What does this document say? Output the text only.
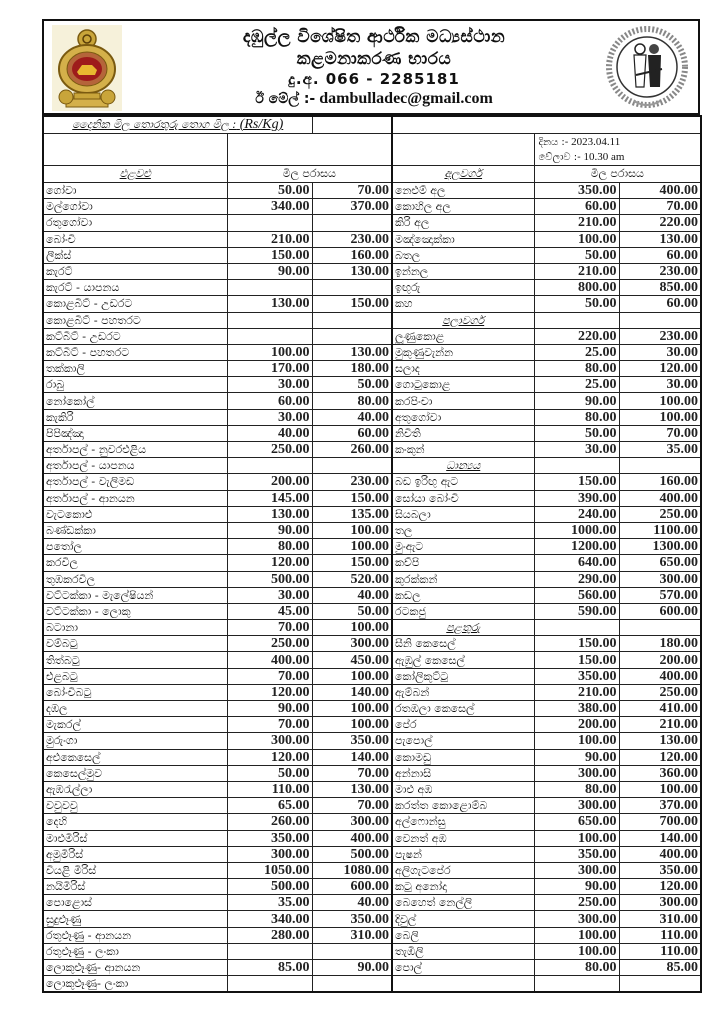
දඹුල්ල විශේෂිත ආර්ථික මධ්‍යස්ථාන
කළමනාකරණ භාරය
දු.අ. 066 - 2285181
ඊ මේල් :- dambulladec@gmail.com
දෛනික මිල තොරතුරු තොග මිල : (Rs/Kg)					

				දිනය :- 2023.04.11
වේලාව :- 10.30 am	

එළවළු	මිල පරාසය		අලවර්ග	මිල පරාසය	
ගෝවා	50.00	70.00	නෙළුම් අල	350.00	400.00
මල්ගෝවා	340.00	370.00	කොහිල අල	60.00	70.00
රතුගෝවා			කිරි අල	210.00	220.00
බෝංචි	210.00	230.00	මඤ්ඤොක්කා	100.00	130.00
ලීක්ස්	150.00	160.00	බතල	50.00	60.00
කැරට්	90.00	130.00	ඉන්නල	210.00	230.00
කැරට් - යාපනය			ඉඟුරු	800.00	850.00
කොළබිට් - උඩරට	130.00	150.00	කහ	50.00	60.00
කොළබිට් - පහතරට			පලාවර්ග		
කට්බීට් - උඩරට			ලූණුකොළ	220.00	230.00
කට්බීට් - පහතරට	100.00	130.00	මුකුණුවැන්න	25.00	30.00
තක්කාලි	170.00	180.00	සලාද	80.00	120.00
රාබු	30.00	50.00	ගොටුකොළ	25.00	30.00
නෝකෝල්	60.00	80.00	කරපිංචා	90.00	100.00
කැකිරි	30.00	40.00	අතුගෝවා	80.00	100.00
පිපිඤ්ඤා	40.00	60.00	නිවිති	50.00	70.00
අර්තාපල් - නුවරඑළිය	250.00	260.00	කංකුන්	30.00	35.00
අර්තාපල් - යාපනය			ධාන්‍යය		
අර්තාපල් - වැලිමඩ	200.00	230.00	බඩ ඉරිඟු ඇට	150.00	160.00
අර්තාපල් - ආනයන	145.00	150.00	සෝයා බෝංචි	390.00	400.00
වැටකොළු	130.00	135.00	සියබලා	240.00	250.00
බණ්ඩක්කා	90.00	100.00	තල	1000.00	1100.00
පතෝල	80.00	100.00	මුංඇට	1200.00	1300.00
කරවිල	120.00	150.00	කව්පි	640.00	650.00
තුඹකරවිල	500.00	520.00	කුරක්කන්	290.00	300.00
වට්ටක්කා - මැලේෂියන්	30.00	40.00	කඩල	560.00	570.00
වට්ටක්කා - ලොකු	45.00	50.00	රටකජු	590.00	600.00
බටානා	70.00	100.00	පළතුරු		
වම්බටු	250.00	300.00	සීනි කෙසෙල්	150.00	180.00
තිත්බටු	400.00	450.00	ඇඹුල් කෙසෙල්	150.00	200.00
එළබටු	70.00	100.00	කෝලිකුට්ටු	350.00	400.00
බෝංචිබටු	120.00	140.00	ඇම්බන්	210.00	250.00
දඹල	90.00	100.00	රතඹලා කෙසෙල්	380.00	410.00
මැකරල්	70.00	100.00	පේර	200.00	210.00
මුරුංගා	300.00	350.00	පැපොල්	100.00	130.00
අළුකෙසෙල්	120.00	140.00	කොමඩු	90.00	120.00
කෙසෙල්මුව	50.00	70.00	අන්නාසි	300.00	360.00
ඇඹරැල්ලා	110.00	130.00	මාළු අඹ	80.00	100.00
වවුවවු	65.00	70.00	කරත්ත කොළොම්බ	300.00	370.00
දෙහි	260.00	300.00	අල්ෆොන්සු	650.00	700.00
මාළුමිරිස්	350.00	400.00	වෙනත් අඹ	100.00	140.00
අමුමිරිස්	300.00	500.00	පැෂන්	350.00	400.00
වියළි මිරිස්	1050.00	1080.00	අලිගැටපේර	300.00	350.00
නයිමිරිස්	500.00	600.00	කටු අනෝදා	90.00	120.00
පොළොස්	35.00	40.00	බෙහෙත් නෙල්ලි	250.00	300.00
සුදුළූණු	340.00	350.00	දිවුල්	300.00	310.00
රතුළූණු - ආනයන	280.00	310.00	බෙලි	100.00	110.00
රතුළූණු - ලංකා			තැඹිලි	100.00	110.00
ලොකුළූණු- ආනයන	85.00	90.00	පොල්	80.00	85.00
ලොකුළූණු- ලංකා					
